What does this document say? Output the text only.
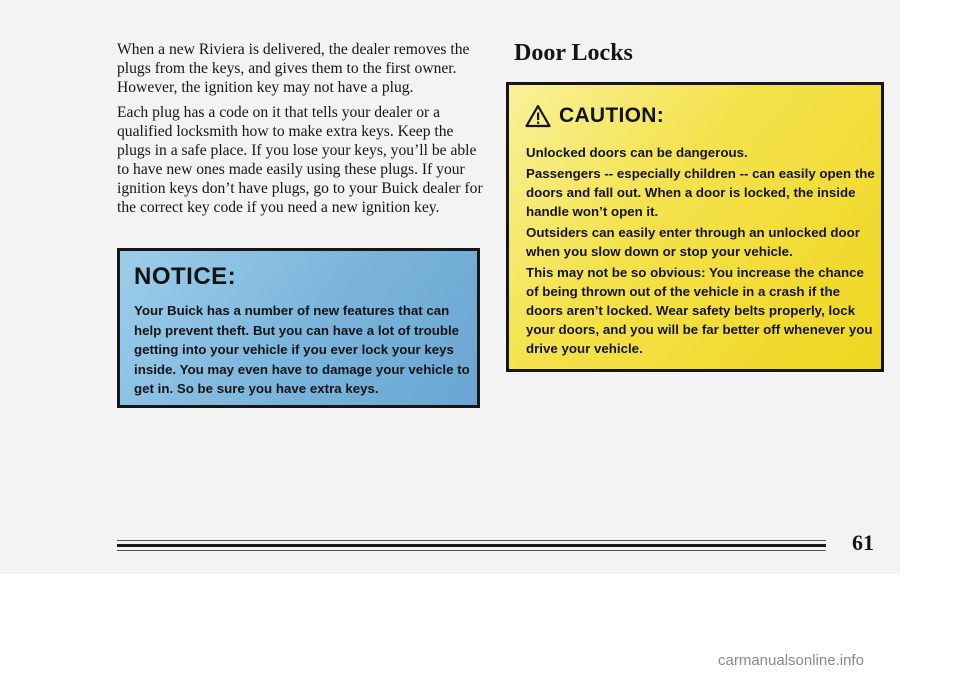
When a new Riviera is delivered, the dealer removes the plugs from the keys, and gives them to the first owner. However, the ignition key may not have a plug.

Each plug has a code on it that tells your dealer or a qualified locksmith how to make extra keys. Keep the plugs in a safe place. If you lose your keys, you’ll be able to have new ones made easily using these plugs. If your ignition keys don’t have plugs, go to your Buick dealer for the correct key code if you need a new ignition key.

NOTICE:
Your Buick has a number of new features that can help prevent theft. But you can have a lot of trouble getting into your vehicle if you ever lock your keys inside. You may even have to damage your vehicle to get in. So be sure you have extra keys.
Door Locks
CAUTION:

Unlocked doors can be dangerous.

Passengers -- especially children -- can easily open the doors and fall out. When a door is locked, the inside handle won’t open it.

Outsiders can easily enter through an unlocked door when you slow down or stop your vehicle.

This may not be so obvious: You increase the chance of being thrown out of the vehicle in a crash if the doors aren’t locked. Wear safety belts properly, lock your doors, and you will be far better off whenever you drive your vehicle.

61
carmanualsonline.info
